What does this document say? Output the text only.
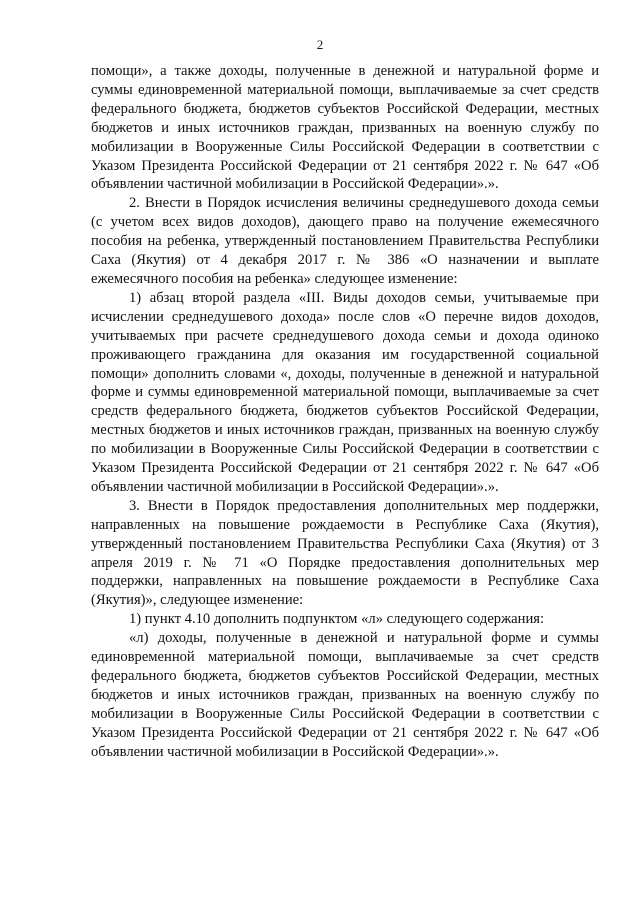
2

помощи», а также доходы, полученные в денежной и натуральной форме и суммы единовременной материальной помощи, выплачиваемые за счет средств федерального бюджета, бюджетов субъектов Российской Федерации, местных бюджетов и иных источников граждан, призванных на военную службу по мобилизации в Вооруженные Силы Российской Федерации в соответствии с Указом Президента Российской Федерации от 21 сентября 2022 г. № 647 «Об объявлении частичной мобилизации в Российской Федерации».».

2. Внести в Порядок исчисления величины среднедушевого дохода семьи (с учетом всех видов доходов), дающего право на получение ежемесячного пособия на ребенка, утвержденный постановлением Правительства Республики Саха (Якутия) от 4 декабря 2017 г. № 386 «О назначении и выплате ежемесячного пособия на ребенка» следующее изменение:

1) абзац второй раздела «III. Виды доходов семьи, учитываемые при исчислении среднедушевого дохода» после слов «О перечне видов доходов, учитываемых при расчете среднедушевого дохода семьи и дохода одиноко проживающего гражданина для оказания им государственной социальной помощи» дополнить словами «, доходы, полученные в денежной и натуральной форме и суммы единовременной материальной помощи, выплачиваемые за счет средств федерального бюджета, бюджетов субъектов Российской Федерации, местных бюджетов и иных источников граждан, призванных на военную службу по мобилизации в Вооруженные Силы Российской Федерации в соответствии с Указом Президента Российской Федерации от 21 сентября 2022 г. № 647 «Об объявлении частичной мобилизации в Российской Федерации».».

3. Внести в Порядок предоставления дополнительных мер поддержки, направленных на повышение рождаемости в Республике Саха (Якутия), утвержденный постановлением Правительства Республики Саха (Якутия) от 3 апреля 2019 г. № 71 «О Порядке предоставления дополнительных мер поддержки, направленных на повышение рождаемости в Республике Саха (Якутия)», следующее изменение:

1) пункт 4.10 дополнить подпунктом «л» следующего содержания:

«л) доходы, полученные в денежной и натуральной форме и суммы единовременной материальной помощи, выплачиваемые за счет средств федерального бюджета, бюджетов субъектов Российской Федерации, местных бюджетов и иных источников граждан, призванных на военную службу по мобилизации в Вооруженные Силы Российской Федерации в соответствии с Указом Президента Российской Федерации от 21 сентября 2022 г. № 647 «Об объявлении частичной мобилизации в Российской Федерации».».
